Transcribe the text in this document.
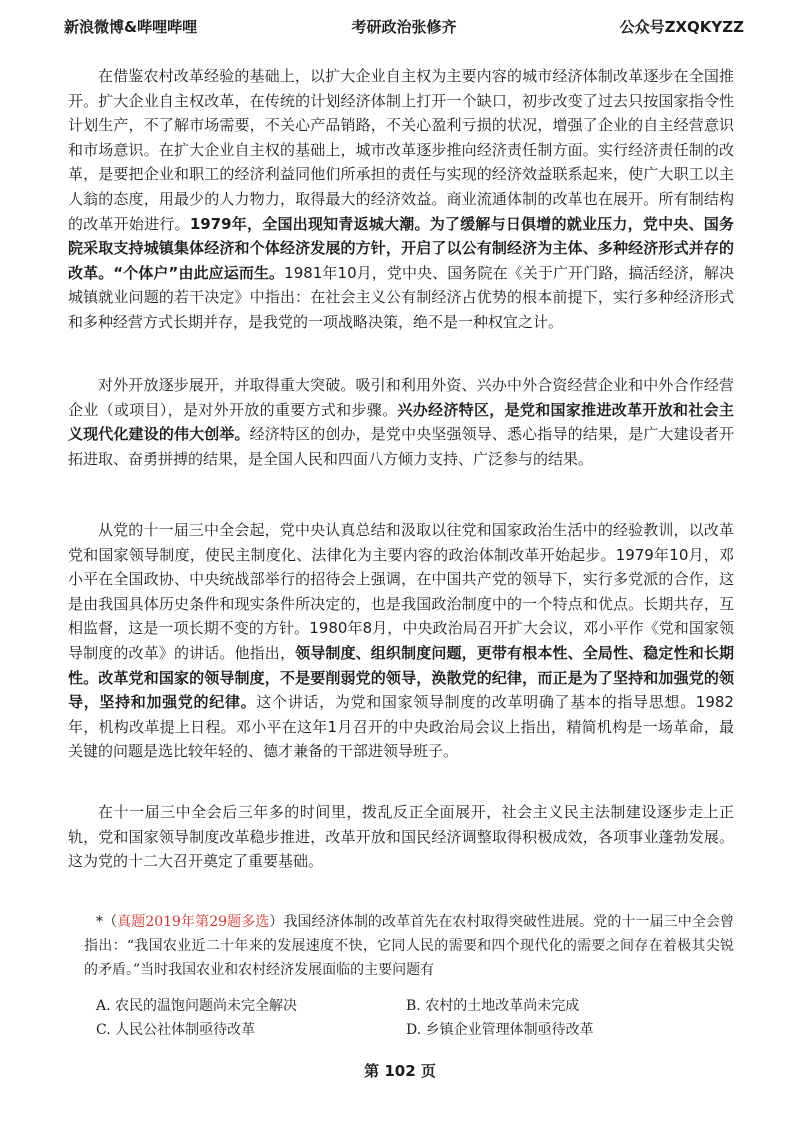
新浪微博&哔哩哔哩	考研政治张修齐	公众号ZXQKYZZ

在借鉴农村改革经验的基础上，以扩大企业自主权为主要内容的城市经济体制改革逐步在全国推开。扩大企业自主权改革，在传统的计划经济体制上打开一个缺口，初步改变了过去只按国家指令性计划生产，不了解市场需要，不关心产品销路，不关心盈利亏损的状况，增强了企业的自主经营意识和市场意识。在扩大企业自主权的基础上，城市改革逐步推向经济责任制方面。实行经济责任制的改革，是要把企业和职工的经济利益同他们所承担的责任与实现的经济效益联系起来，使广大职工以主人翁的态度，用最少的人力物力，取得最大的经济效益。商业流通体制的改革也在展开。所有制结构的改革开始进行。1979年，全国出现知青返城大潮。为了缓解与日俱增的就业压力，党中央、国务院采取支持城镇集体经济和个体经济发展的方针，开启了以公有制经济为主体、多种经济形式并存的改革。“个体户”由此应运而生。1981年10月，党中央、国务院在《关于广开门路，搞活经济，解决城镇就业问题的若干决定》中指出：在社会主义公有制经济占优势的根本前提下，实行多种经济形式和多种经营方式长期并存，是我党的一项战略决策，绝不是一种权宜之计。

对外开放逐步展开，并取得重大突破。吸引和利用外资、兴办中外合资经营企业和中外合作经营企业（或项目），是对外开放的重要方式和步骤。兴办经济特区，是党和国家推进改革开放和社会主义现代化建设的伟大创举。经济特区的创办，是党中央坚强领导、悉心指导的结果，是广大建设者开拓进取、奋勇拼搏的结果，是全国人民和四面八方倾力支持、广泛参与的结果。

从党的十一届三中全会起，党中央认真总结和汲取以往党和国家政治生活中的经验教训，以改革党和国家领导制度，使民主制度化、法律化为主要内容的政治体制改革开始起步。1979年10月，邓小平在全国政协、中央统战部举行的招待会上强调，在中国共产党的领导下，实行多党派的合作，这是由我国具体历史条件和现实条件所决定的，也是我国政治制度中的一个特点和优点。长期共存，互相监督，这是一项长期不变的方针。1980年8月，中央政治局召开扩大会议，邓小平作《党和国家领导制度的改革》的讲话。他指出，领导制度、组织制度问题，更带有根本性、全局性、稳定性和长期性。改革党和国家的领导制度，不是要削弱党的领导，涣散党的纪律，而正是为了坚持和加强党的领导，坚持和加强党的纪律。这个讲话，为党和国家领导制度的改革明确了基本的指导思想。1982年，机构改革提上日程。邓小平在这年1月召开的中央政治局会议上指出，精简机构是一场革命，最关键的问题是选比较年轻的、德才兼备的干部进领导班子。

在十一届三中全会后三年多的时间里，拨乱反正全面展开，社会主义民主法制建设逐步走上正轨，党和国家领导制度改革稳步推进，改革开放和国民经济调整取得积极成效，各项事业蓬勃发展。这为党的十二大召开奠定了重要基础。

*（真题2019年第29题多选）我国经济体制的改革首先在农村取得突破性进展。党的十一届三中全会曾指出：“我国农业近二十年来的发展速度不快，它同人民的需要和四个现代化的需要之间存在着极其尖锐的矛盾。”当时我国农业和农村经济发展面临的主要问题有

A. 农民的温饱问题尚未完全解决	B. 农村的土地改革尚未完成
C. 人民公社体制亟待改革	D. 乡镇企业管理体制亟待改革
第 102 页
